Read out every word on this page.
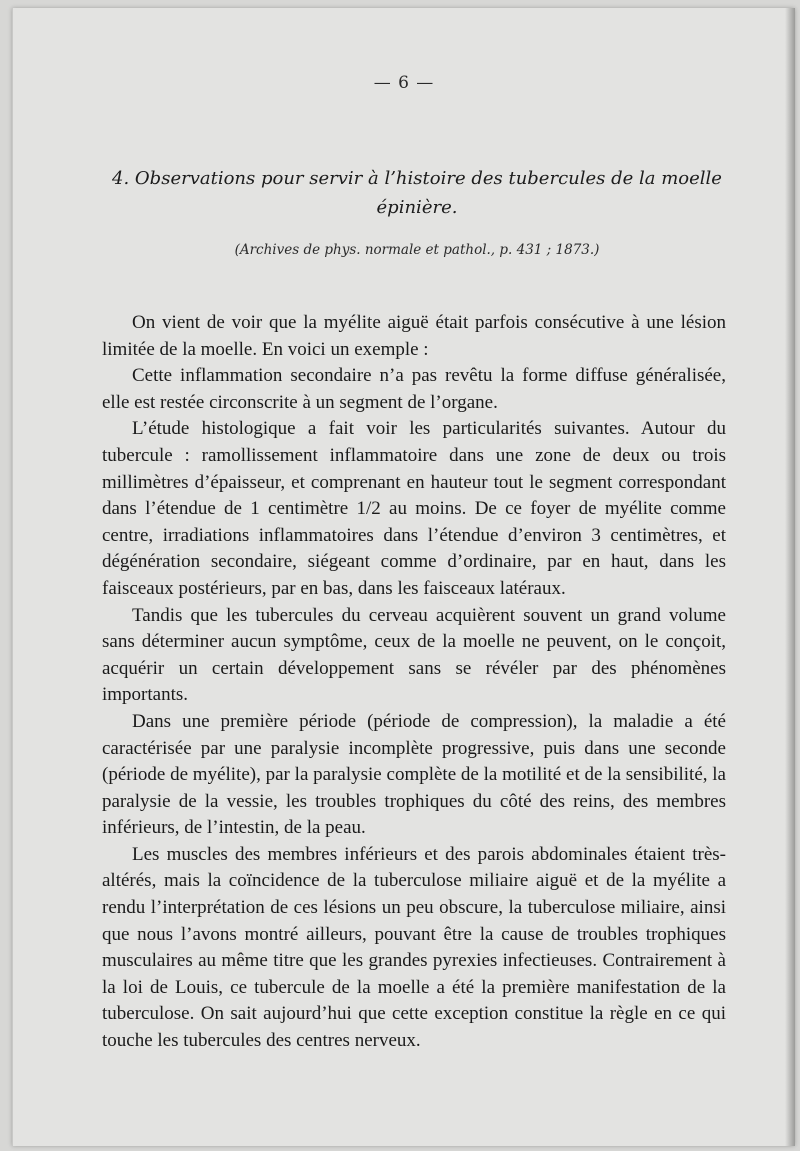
— 6 —
4. Observations pour servir à l’histoire des tubercules de la moelle épinière.
(Archives de phys. normale et pathol., p. 431 ; 1873.)

On vient de voir que la myélite aiguë était parfois consécutive à une lésion limitée de la moelle. En voici un exemple :

Cette inflammation secondaire n’a pas revêtu la forme diffuse généralisée, elle est restée circonscrite à un segment de l’organe.

L’étude histologique a fait voir les particularités suivantes. Autour du tubercule : ramollissement inflammatoire dans une zone de deux ou trois millimètres d’épaisseur, et comprenant en hauteur tout le segment correspondant dans l’étendue de 1 centimètre 1/2 au moins. De ce foyer de myélite comme centre, irradiations inflammatoires dans l’étendue d’environ 3 centimètres, et dégénération secondaire, siégeant comme d’ordinaire, par en haut, dans les faisceaux postérieurs, par en bas, dans les faisceaux latéraux.

Tandis que les tubercules du cerveau acquièrent souvent un grand volume sans déterminer aucun symptôme, ceux de la moelle ne peuvent, on le conçoit, acquérir un certain développement sans se révéler par des phénomènes importants.

Dans une première période (période de compression), la maladie a été caractérisée par une paralysie incomplète progressive, puis dans une seconde (période de myélite), par la paralysie complète de la motilité et de la sensibilité, la paralysie de la vessie, les troubles trophiques du côté des reins, des membres inférieurs, de l’intestin, de la peau.

Les muscles des membres inférieurs et des parois abdominales étaient très-altérés, mais la coïncidence de la tuberculose miliaire aiguë et de la myélite a rendu l’interprétation de ces lésions un peu obscure, la tuberculose miliaire, ainsi que nous l’avons montré ailleurs, pouvant être la cause de troubles trophiques musculaires au même titre que les grandes pyrexies infectieuses. Contrairement à la loi de Louis, ce tubercule de la moelle a été la première manifestation de la tuberculose. On sait aujourd’hui que cette exception constitue la règle en ce qui touche les tubercules des centres nerveux.
